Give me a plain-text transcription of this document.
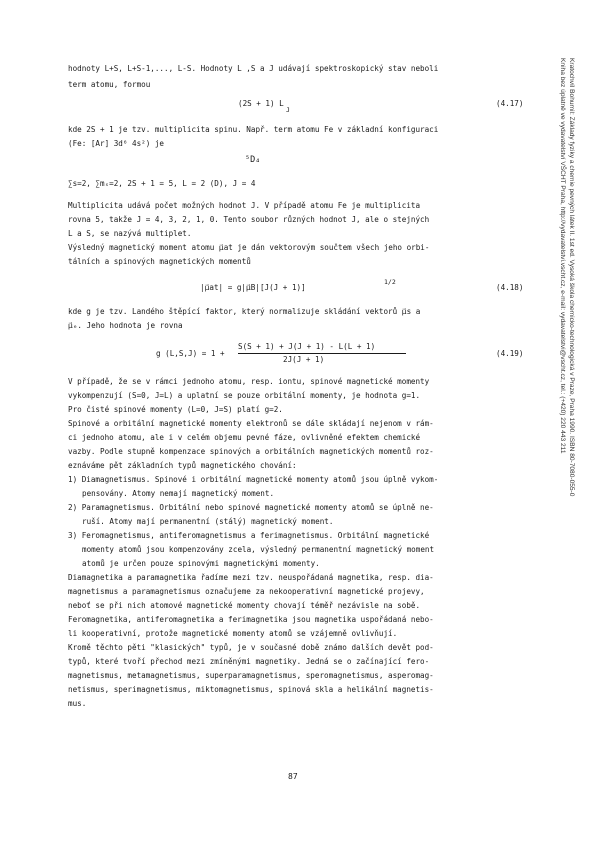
Kratochvíl Bohumil: Základy fyziky a chemie pevných látek II. 1st ed. Vysoká škola chemicko-technologická v Praze, Praha 1990. ISBN 80-7080-055-0
Kniha bez úplatně ve vydavatelství VŠCHT Praha, http://vydavatelstvi.vscht.cz, e-mail: vydavatelstvi@vscht.cz, tel.: (+420) 220 443 211
hodnoty L+S, L+S-1,..., L-S. Hodnoty L ,S a J udávají spektroskopický stav neboli
term atomu, formou
(2S + 1) L
J
(4.17)
kde 2S + 1 je tzv. multiplicita spinu. Např. term atomu Fe v základní konfiguraci
(Fe: [Ar] 3d⁶ 4s²) je
⁵D₄
∑s=2, ∑mₛ=2, 2S + 1 = 5, L = 2 (D), J = 4
Multiplicita udává počet možných hodnot J. V případě atomu Fe je multiplicita
rovna 5, takže J = 4, 3, 2, 1, 0. Tento soubor různých hodnot J, ale o stejných
L a S, se nazývá multiplet.
Výsledný magnetický moment atomu μ⃗at je dán vektorovým součtem všech jeho orbi-
tálních a spinových magnetických momentů
|μ⃗at| = g|μ⃗B|[J(J + 1)]
1/2
(4.18)
kde g je tzv. Landého štěpící faktor, který normalizuje skládání vektorů μ⃗s a
μ⃗ₑ. Jeho hodnota je rovna
g (L,S,J) = 1 +
S(S + 1) + J(J + 1) - L(L + 1)
2J(J + 1)
(4.19)
V případě, že se v rámci jednoho atomu, resp. iontu, spinové magnetické momenty
vykompenzují (S=0, J=L) a uplatní se pouze orbitální momenty, je hodnota g=1.
Pro čisté spinové momenty (L=0, J=S) platí g=2.
Spinové a orbitální magnetické momenty elektronů se dále skládají nejenom v rám-
ci jednoho atomu, ale i v celém objemu pevné fáze, ovlivněné efektem chemické
vazby. Podle stupně kompenzace spinových a orbitálních magnetických momentů roz-
eznáváme pět základních typů magnetického chování:
1) Diamagnetismus. Spinové i orbitální magnetické momenty atomů jsou úplně vykom-
pensovány. Atomy nemají magnetický moment.
2) Paramagnetismus. Orbitální nebo spinové magnetické momenty atomů se úplně ne-
ruší. Atomy mají permanentní (stálý) magnetický moment.
3) Feromagnetismus, antiferomagnetismus a ferimagnetismus. Orbitální magnetické
momenty atomů jsou kompenzovány zcela, výsledný permanentní magnetický moment
atomů je určen pouze spinovými magnetickými momenty.
Diamagnetika a paramagnetika řadíme mezi tzv. neuspořádaná magnetika, resp. dia-
magnetismus a paramagnetismus označujeme za nekooperativní magnetické projevy,
neboť se při nich atomové magnetické momenty chovají téměř nezávisle na sobě.
Feromagnetika, antiferomagnetika a ferimagnetika jsou magnetika uspořádaná nebo-
li kooperativní, protože magnetické momenty atomů se vzájemně ovlivňují.
Kromě těchto pěti "klasických" typů, je v současné době známo dalších devět pod-
typů, které tvoří přechod mezi zmíněnými magnetiky. Jedná se o začínající fero-
magnetismus, metamagnetismus, superparamagnetismus, speromagnetismus, asperomag-
netismus, sperimagnetismus, miktomagnetismus, spinová skla a helikální magnetis-
mus.
87
